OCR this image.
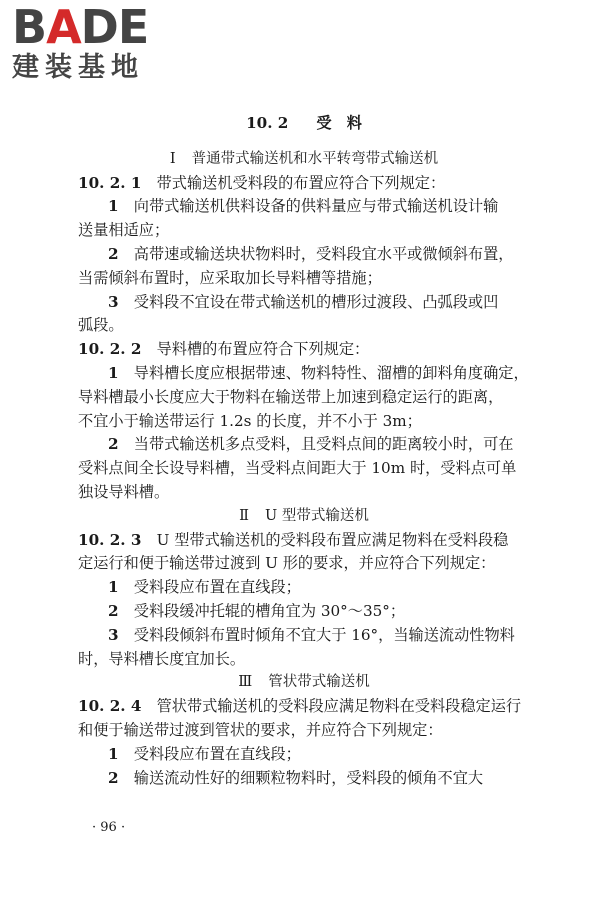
BADE
建装基地

10. 2 受　料

Ⅰ 普通带式输送机和水平转弯带式输送机

10. 2. 1　 带式输送机受料段的布置应符合下列规定：

1　 向带式输送机供料设备的供料量应与带式输送机设计输

送量相适应；

2　 高带速或输送块状物料时，受料段宜水平或微倾斜布置，

当需倾斜布置时，应采取加长导料槽等措施；

3　 受料段不宜设在带式输送机的槽形过渡段、凸弧段或凹

弧段。

10. 2. 2　 导料槽的布置应符合下列规定：

1　 导料槽长度应根据带速、物料特性、溜槽的卸料角度确定，

导料槽最小长度应大于物料在输送带上加速到稳定运行的距离，

不宜小于输送带运行 1.2s 的长度，并不小于 3m；

2　 当带式输送机多点受料，且受料点间的距离较小时，可在

受料点间全长设导料槽，当受料点间距大于 10m 时，受料点可单

独设导料槽。

Ⅱ U 型带式输送机

10. 2. 3　 U 型带式输送机的受料段布置应满足物料在受料段稳

定运行和便于输送带过渡到 U 形的要求，并应符合下列规定：

1　 受料段应布置在直线段；

2　 受料段缓冲托辊的槽角宜为 30°～35°；

3　 受料段倾斜布置时倾角不宜大于 16°，当输送流动性物料

时，导料槽长度宜加长。

Ⅲ 管状带式输送机

10. 2. 4　 管状带式输送机的受料段应满足物料在受料段稳定运行

和便于输送带过渡到管状的要求，并应符合下列规定：

1　 受料段应布置在直线段；

2　 输送流动性好的细颗粒物料时，受料段的倾角不宜大

· 96 ·
